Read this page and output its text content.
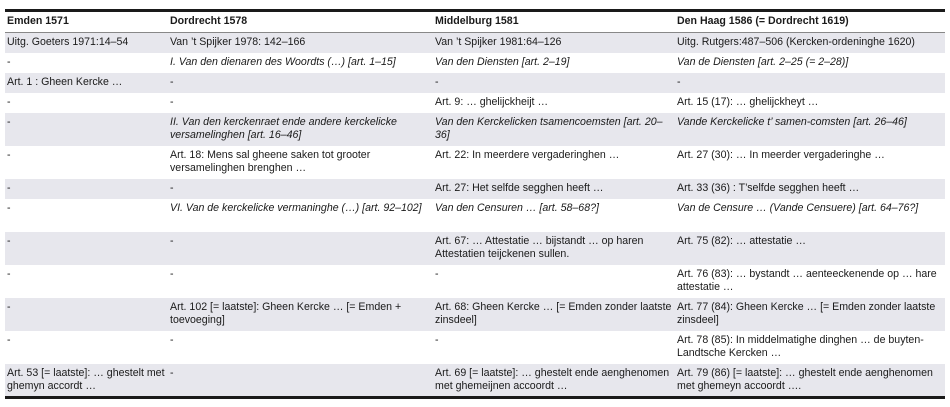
Emden 1571	Dordrecht 1578	Middelburg 1581	Den Haag 1586 (= Dordrecht 1619)
Uitg. Goeters 1971:14–54	Van ’t Spijker 1978: 142–166	Van ’t Spijker 1981:64–126	Uitg. Rutgers:487–506 (Kercken-ordeninghe 1620)
-	I. Van den dienaren des Woordts (…) [art. 1–15]	Van den Diensten [art. 2–19]	Van de Diensten [art. 2–25 (= 2–28)]
Art. 1 : Gheen Kercke …	-	-	-
-	-	Art. 9: … ghelijckheijt …	Art. 15 (17): … ghelijckheyt …
-	II. Van den kerckenraet ende andere kerckelicke versamelinghen [art. 16–46]	Van den Kerckelicken tsamencoemsten [art. 20–36]	Vande Kerckelicke t’ samen-comsten [art. 26–46]
-	Art. 18: Mens sal gheene saken tot grooter versamelinghen brenghen …	Art. 22: In meerdere vergaderinghen …	Art. 27 (30): … In meerder vergaderinghe …
-	-	Art. 27: Het selfde segghen heeft …	Art. 33 (36) : T’selfde segghen heeft …
-	VI. Van de kerckelicke vermaninghe (…) [art. 92–102]	Van den Censuren … [art. 58–68?]	Van de Censure … (Vande Censuere) [art. 64–76?]
-	-	Art. 67: … Attestatie … bijstandt … op haren Attestatien teijckenen sullen.	Art. 75 (82): … attestatie …
-	-	-	Art. 76 (83): … bystandt … aenteeckenende op … hare attestatie …
-	Art. 102 [= laatste]: Gheen Kercke … [= Emden + toevoeging]	Art. 68: Gheen Kercke … [= Emden zonder laatste zinsdeel]	Art. 77 (84): Gheen Kercke … [= Emden zonder laatste zinsdeel]
-	-	-	Art. 78 (85): In middelmatighe dinghen … de buyten-Landtsche Kercken …
Art. 53 [= laatste]: … ghestelt met ghemyn accordt …	-	Art. 69 [= laatste]: … ghestelt ende aenghenomen met ghemeijnen accoordt …	Art. 79 (86) [= laatste]: … ghestelt ende aenghenomen met ghemeyn accoordt ….
